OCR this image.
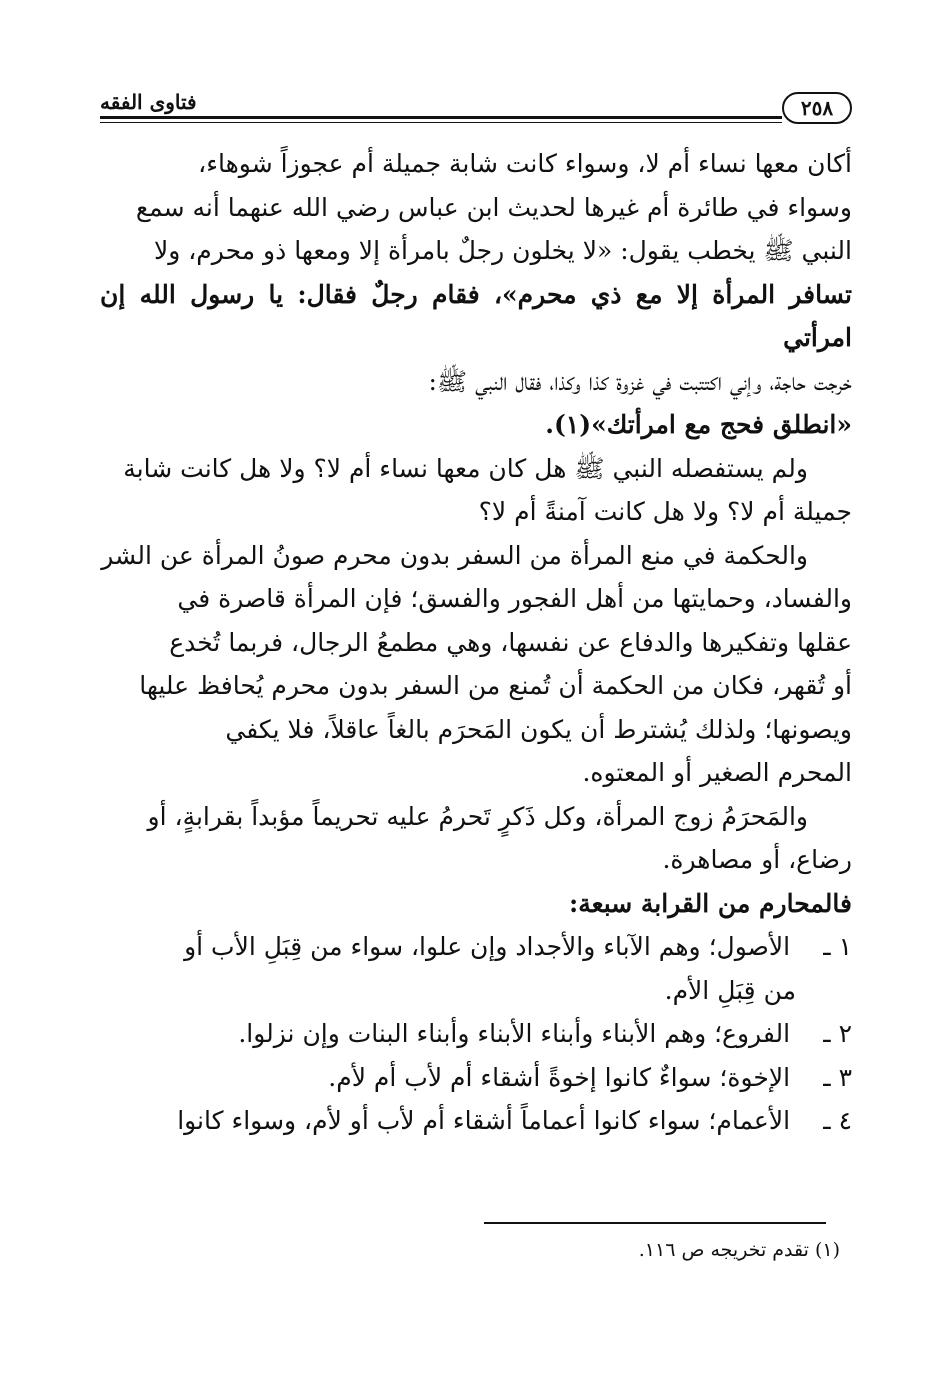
٢٥٨
فتاوى الفقه

أكان معها نساء أم لا، وسواء كانت شابة جميلة أم عجوزاً شوهاء،
وسواء في طائرة أم غيرها لحديث ابن عباس رضي الله عنهما أنه سمع
النبي ﷺ يخطب يقول: «لا يخلون رجلٌ بامرأة إلا ومعها ذو محرم، ولا
تسافر المرأة إلا مع ذي محرم»، فقام رجلٌ فقال: يا رسول الله إن امرأتي
خرجت حاجة، وإني اكتتبت في غزوة كذا وكذا، فقال النبي ﷺ:
«انطلق فحج مع امرأتك»(١).

ولم يستفصله النبي ﷺ هل كان معها نساء أم لا؟ ولا هل كانت شابة
جميلة أم لا؟ ولا هل كانت آمنةً أم لا؟

والحكمة في منع المرأة من السفر بدون محرم صونُ المرأة عن الشر
والفساد، وحمايتها من أهل الفجور والفسق؛ فإن المرأة قاصرة في
عقلها وتفكيرها والدفاع عن نفسها، وهي مطمعُ الرجال، فربما تُخدع
أو تُقهر، فكان من الحكمة أن تُمنع من السفر بدون محرم يُحافظ عليها
ويصونها؛ ولذلك يُشترط أن يكون المَحرَم بالغاً عاقلاً، فلا يكفي
المحرم الصغير أو المعتوه.

والمَحرَمُ زوج المرأة، وكل ذَكرٍ تَحرمُ عليه تحريماً مؤبداً بقرابةٍ، أو
رضاع، أو مصاهرة.

فالمحارم من القرابة سبعة:

١ ـ الأصول؛ وهم الآباء والأجداد وإن علوا، سواء من قِبَلِ الأب أو
من قِبَلِ الأم.

٢ ـ الفروع؛ وهم الأبناء وأبناء الأبناء وأبناء البنات وإن نزلوا.

٣ ـ الإخوة؛ سواءٌ كانوا إخوةً أشقاء أم لأب أم لأم.

٤ ـ الأعمام؛ سواء كانوا أعماماً أشقاء أم لأب أو لأم، وسواء كانوا

(١) تقدم تخريجه ص ١١٦.
